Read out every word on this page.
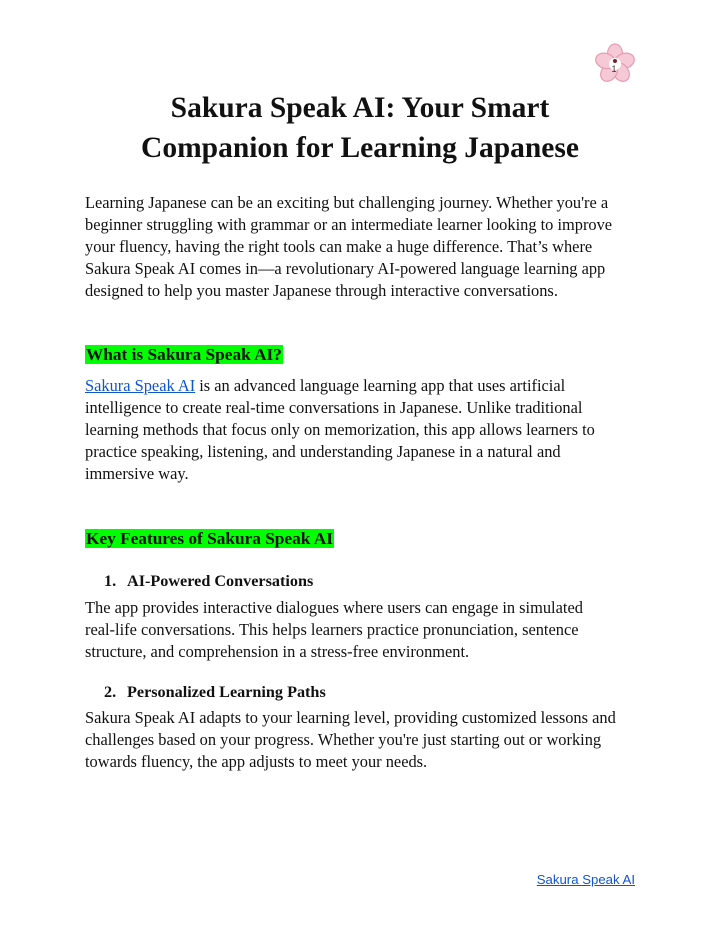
1
Sakura Speak AI: Your Smart
Companion for Learning Japanese

Learning Japanese can be an exciting but challenging journey. Whether you're a
beginner struggling with grammar or an intermediate learner looking to improve
your fluency, having the right tools can make a huge difference. That’s where
Sakura Speak AI comes in—a revolutionary AI-powered language learning app
designed to help you master Japanese through interactive conversations.

What is Sakura Speak AI?

Sakura Speak AI is an advanced language learning app that uses artificial
intelligence to create real-time conversations in Japanese. Unlike traditional
learning methods that focus only on memorization, this app allows learners to
practice speaking, listening, and understanding Japanese in a natural and
immersive way.

Key Features of Sakura Speak AI
1. AI-Powered Conversations

The app provides interactive dialogues where users can engage in simulated
real-life conversations. This helps learners practice pronunciation, sentence
structure, and comprehension in a stress-free environment.

2. Personalized Learning Paths

Sakura Speak AI adapts to your learning level, providing customized lessons and
challenges based on your progress. Whether you're just starting out or working
towards fluency, the app adjusts to meet your needs.

Sakura Speak AI
